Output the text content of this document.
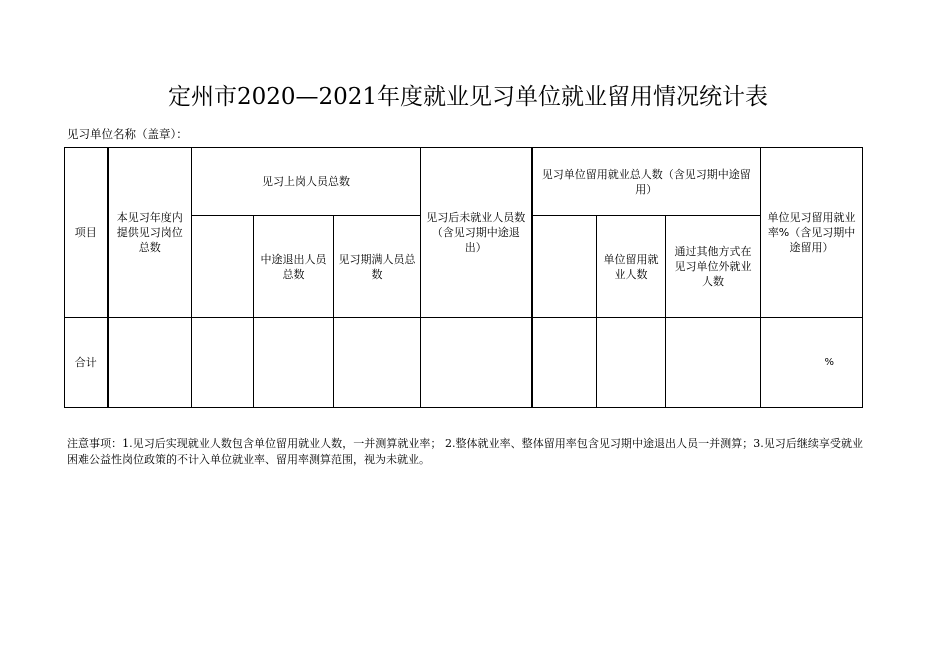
定州市2020—2021年度就业见习单位就业留用情况统计表
见习单位名称（盖章）：
项目	本见习年度内提供见习岗位总数	见习上岗人员总数			见习后未就业人员数（含见习期中途退出）	见习单位留用就业总人数（含见习期中途留用）			单位见习留用就业率%（含见习期中途留用）
			中途退出人员总数	见习期满人员总数			单位留用就业人数	通过其他方式在见习单位外就业人数	
合计									%
注意事项：1.见习后实现就业人数包含单位留用就业人数，一并测算就业率； 2.整体就业率、整体留用率包含见习期中途退出人员一并测算；3.见习后继续享受就业困难公益性岗位政策的不计入单位就业率、留用率测算范围，视为未就业。
